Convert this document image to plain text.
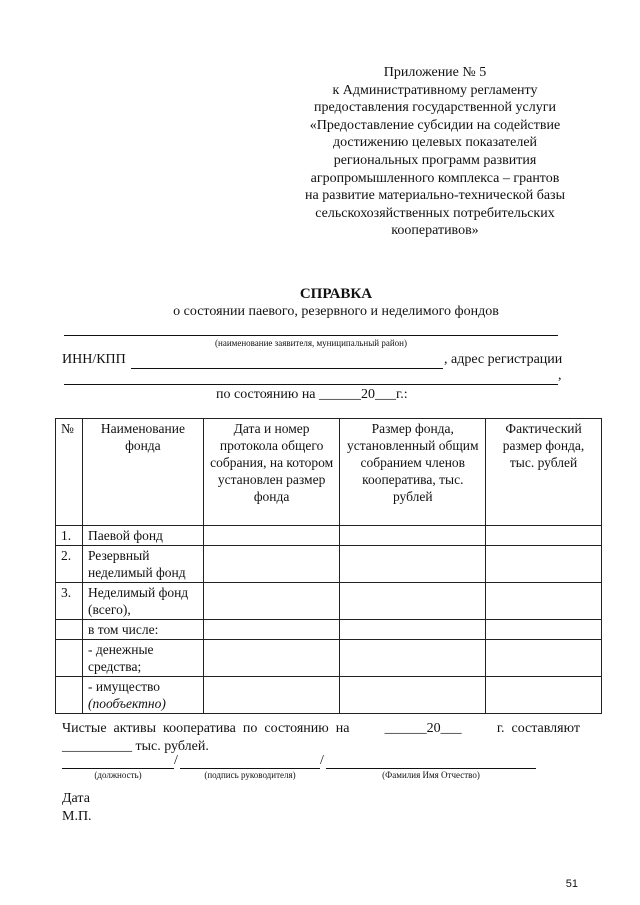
Приложение № 5
к Административному регламенту
предоставления государственной услуги
«Предоставление субсидии на содействие
достижению целевых показателей
региональных программ развития
агропромышленного комплекса – грантов
на развитие материально-технической базы
сельскохозяйственных потребительских
кооперативов»
СПРАВКА
о состоянии паевого, резервного и неделимого фондов
(наименование заявителя, муниципальный район)
ИНН/КПП	, адрес регистрации
,
по состоянию на ______20___г.:
№	Наименование фонда	Дата и номер протокола общего собрания, на котором установлен размер фонда	Размер фонда, установленный общим собранием членов кооператива, тыс. рублей	Фактический размер фонда, тыс. рублей
1.	Паевой фонд			
2.	Резервный неделимый фонд			
3.	Неделимый фонд (всего),			
	в том числе:			
	- денежные средства;			
	- имущество
(пообъектно)			
Чистые  активы  кооператива  по  состоянию  на	______20___	г.  составляют
__________ тыс. рублей.
/	/
(должность)	(подпись руководителя)	(Фамилия Имя Отчество)
Дата
М.П.
51
